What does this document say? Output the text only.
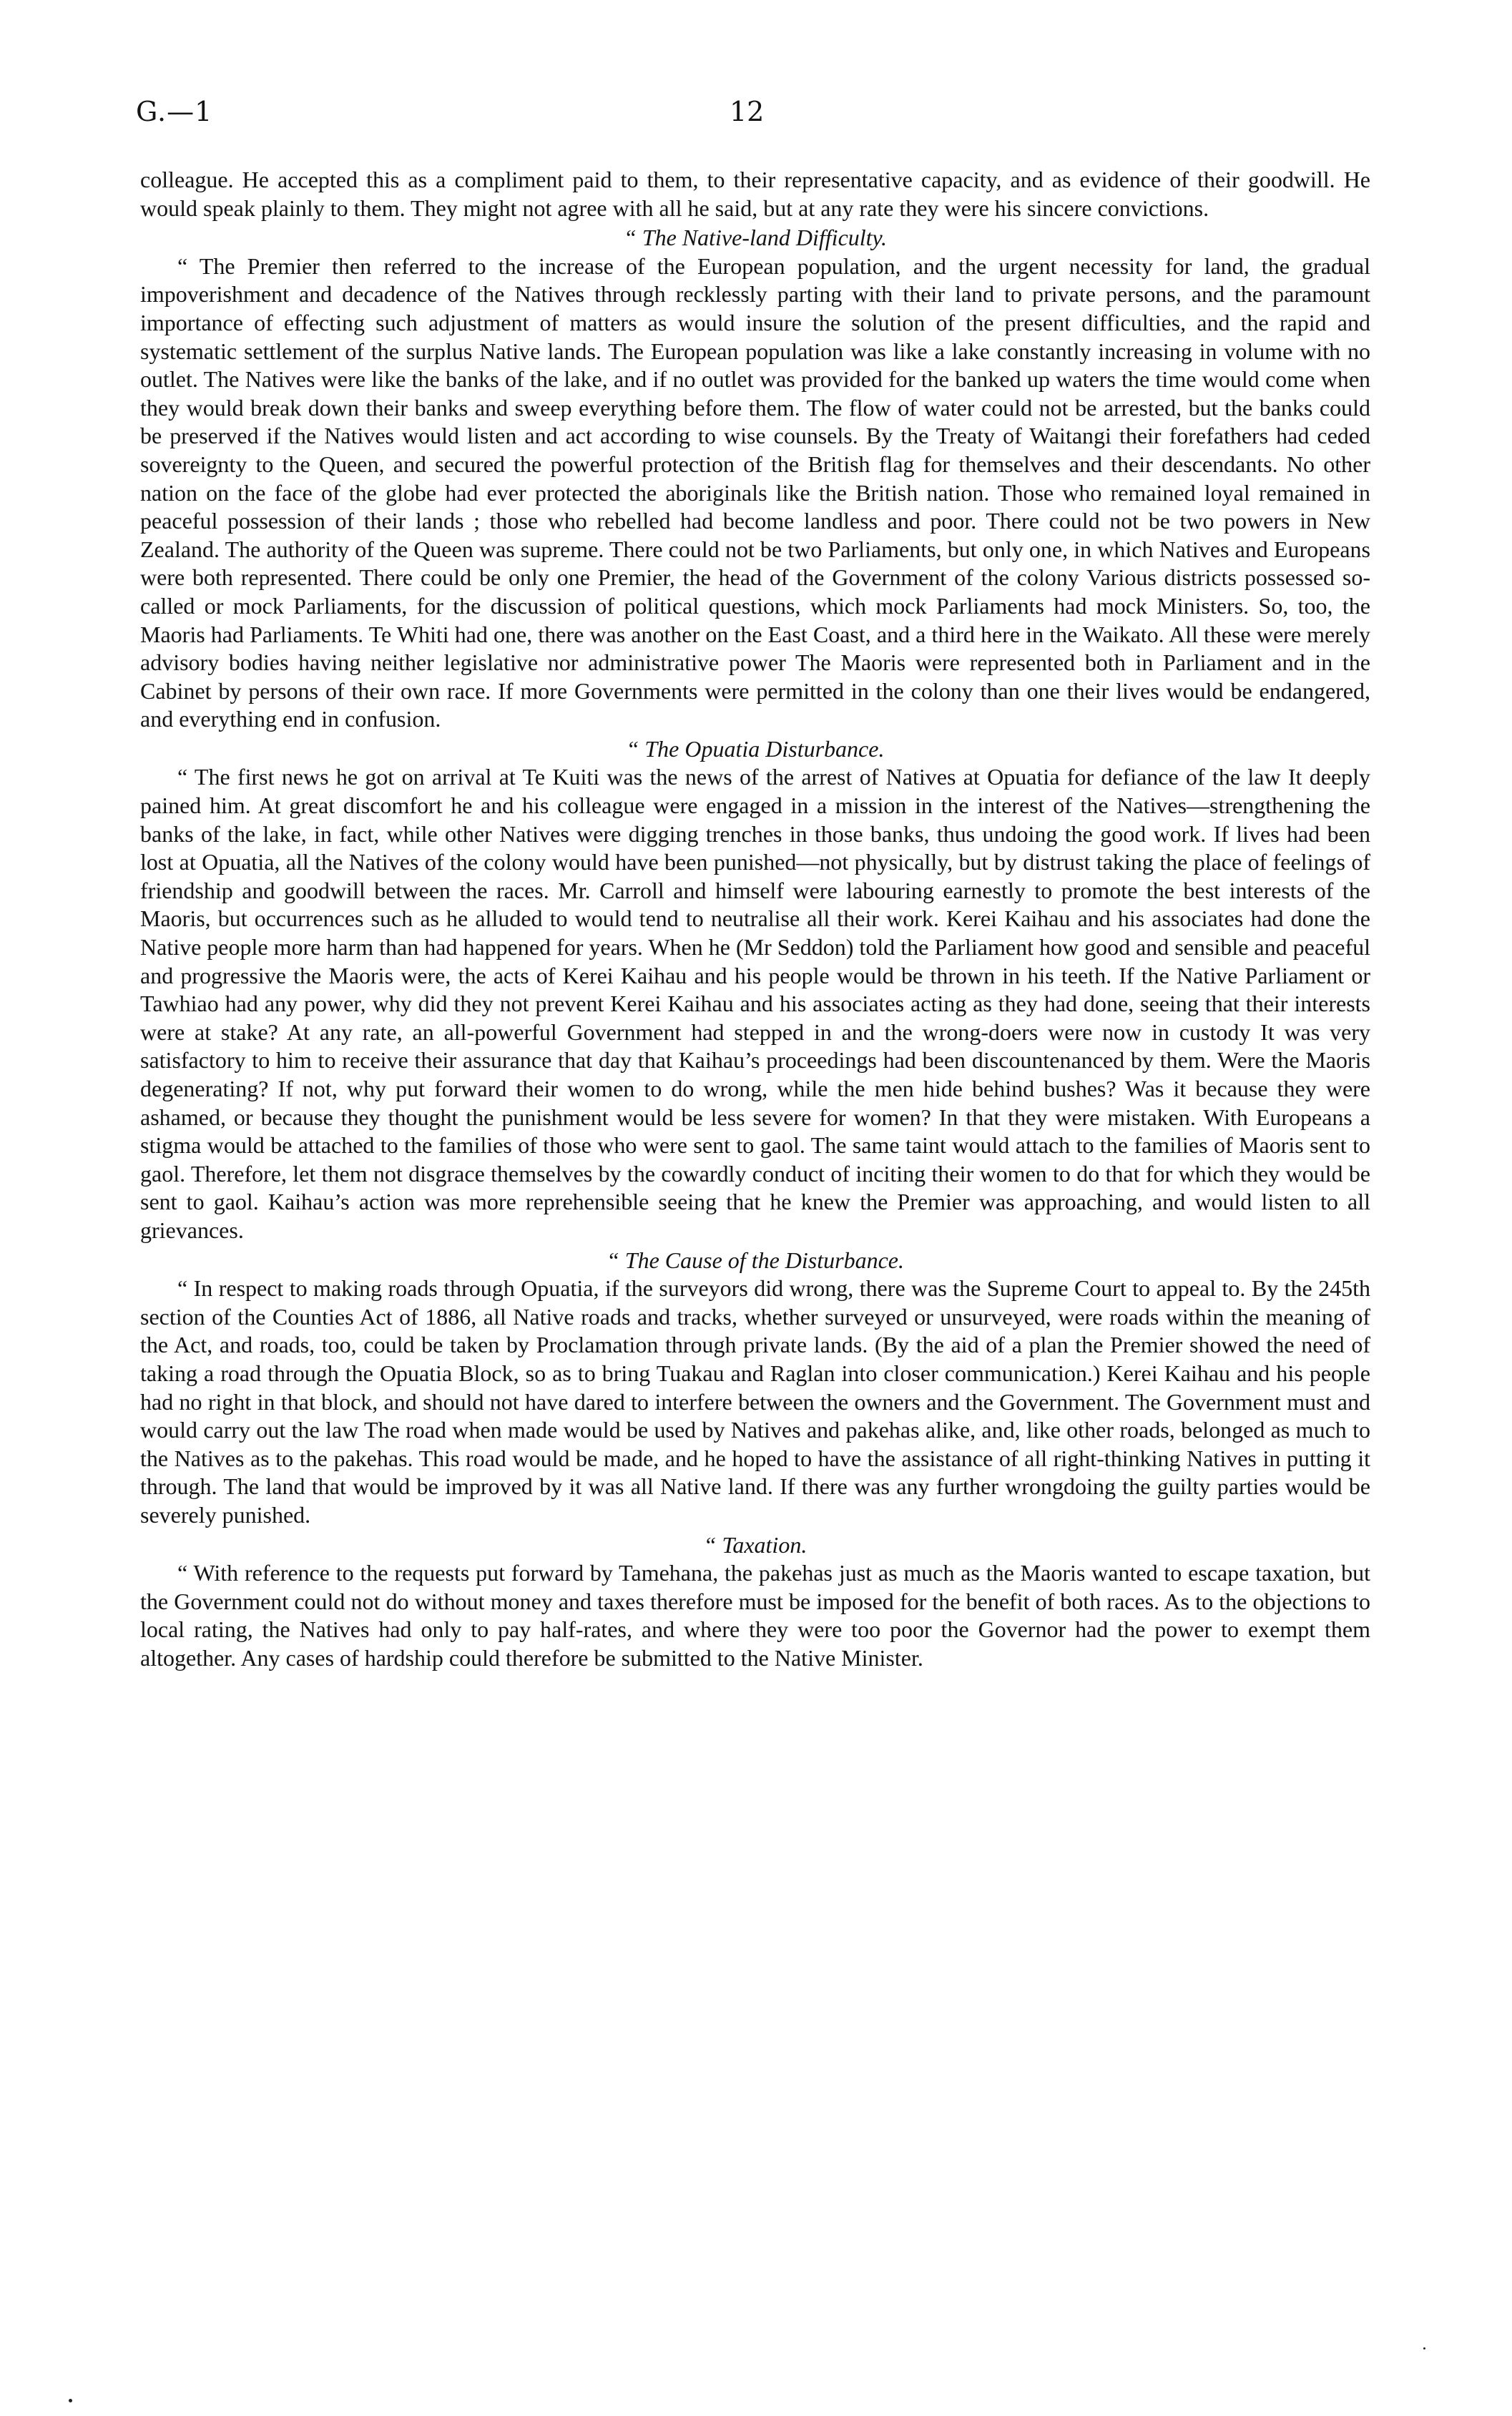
G.—1	12

colleague. He accepted this as a compliment paid to them, to their representative capacity, and as evidence of their goodwill. He would speak plainly to them. They might not agree with all he said, but at any rate they were his sincere convictions.

“ The Native-land Difficulty.

“ The Premier then referred to the increase of the European population, and the urgent necessity for land, the gradual impoverishment and decadence of the Natives through recklessly parting with their land to private persons, and the paramount importance of effecting such adjustment of matters as would insure the solution of the present difficulties, and the rapid and systematic settlement of the surplus Native lands. The European population was like a lake constantly increasing in volume with no outlet. The Natives were like the banks of the lake, and if no outlet was provided for the banked up waters the time would come when they would break down their banks and sweep everything before them. The flow of water could not be arrested, but the banks could be preserved if the Natives would listen and act according to wise counsels. By the Treaty of Waitangi their forefathers had ceded sovereignty to the Queen, and secured the powerful protection of the British flag for themselves and their descendants. No other nation on the face of the globe had ever protected the aboriginals like the British nation. Those who remained loyal remained in peaceful possession of their lands ; those who rebelled had become landless and poor. There could not be two powers in New Zealand. The authority of the Queen was supreme. There could not be two Parliaments, but only one, in which Natives and Europeans were both represented. There could be only one Premier, the head of the Government of the colony Various districts possessed so-called or mock Parliaments, for the discussion of political questions, which mock Parliaments had mock Ministers. So, too, the Maoris had Parliaments. Te Whiti had one, there was another on the East Coast, and a third here in the Waikato. All these were merely advisory bodies having neither legislative nor administrative power The Maoris were represented both in Parliament and in the Cabinet by persons of their own race. If more Governments were permitted in the colony than one their lives would be endangered, and everything end in confusion.

“ The Opuatia Disturbance.

“ The first news he got on arrival at Te Kuiti was the news of the arrest of Natives at Opuatia for defiance of the law It deeply pained him. At great discomfort he and his colleague were engaged in a mission in the interest of the Natives—strengthening the banks of the lake, in fact, while other Natives were digging trenches in those banks, thus undoing the good work. If lives had been lost at Opuatia, all the Natives of the colony would have been punished—not physically, but by distrust taking the place of feelings of friendship and goodwill between the races. Mr. Carroll and himself were labouring earnestly to promote the best interests of the Maoris, but occurrences such as he alluded to would tend to neutralise all their work. Kerei Kaihau and his associates had done the Native people more harm than had happened for years. When he (Mr Seddon) told the Parliament how good and sensible and peaceful and progressive the Maoris were, the acts of Kerei Kaihau and his people would be thrown in his teeth. If the Native Parliament or Tawhiao had any power, why did they not prevent Kerei Kaihau and his associates acting as they had done, seeing that their interests were at stake? At any rate, an all-powerful Government had stepped in and the wrong-doers were now in custody It was very satisfactory to him to receive their assurance that day that Kaihau’s proceedings had been discountenanced by them. Were the Maoris degenerating? If not, why put forward their women to do wrong, while the men hide behind bushes? Was it because they were ashamed, or because they thought the punishment would be less severe for women? In that they were mistaken. With Europeans a stigma would be attached to the families of those who were sent to gaol. The same taint would attach to the families of Maoris sent to gaol. Therefore, let them not disgrace themselves by the cowardly conduct of inciting their women to do that for which they would be sent to gaol. Kaihau’s action was more reprehensible seeing that he knew the Premier was approaching, and would listen to all grievances.

“ The Cause of the Disturbance.

“ In respect to making roads through Opuatia, if the surveyors did wrong, there was the Supreme Court to appeal to. By the 245th section of the Counties Act of 1886, all Native roads and tracks, whether surveyed or unsurveyed, were roads within the meaning of the Act, and roads, too, could be taken by Proclamation through private lands. (By the aid of a plan the Premier showed the need of taking a road through the Opuatia Block, so as to bring Tuakau and Raglan into closer communication.) Kerei Kaihau and his people had no right in that block, and should not have dared to interfere between the owners and the Government. The Government must and would carry out the law The road when made would be used by Natives and pakehas alike, and, like other roads, belonged as much to the Natives as to the pakehas. This road would be made, and he hoped to have the assistance of all right-thinking Natives in putting it through. The land that would be improved by it was all Native land. If there was any further wrongdoing the guilty parties would be severely punished.

“ Taxation.

“ With reference to the requests put forward by Tamehana, the pakehas just as much as the Maoris wanted to escape taxation, but the Government could not do without money and taxes therefore must be imposed for the benefit of both races. As to the objections to local rating, the Natives had only to pay half-rates, and where they were too poor the Governor had the power to exempt them altogether. Any cases of hardship could therefore be submitted to the Native Minister.
